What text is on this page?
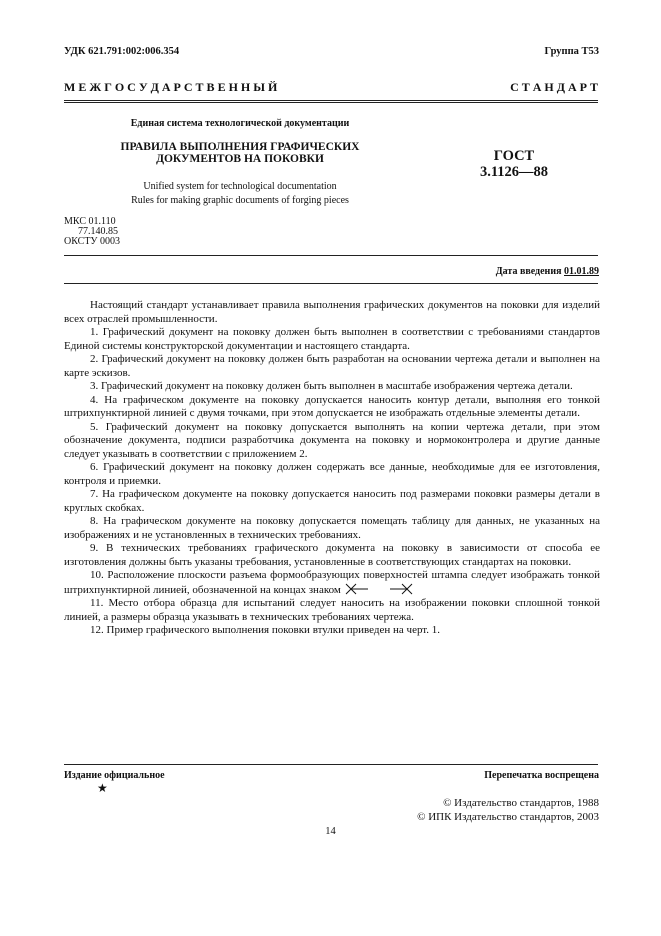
УДК 621.791:002:006.354	Группа Т53
М Е Ж Г О С У Д А Р С Т В Е Н Н Ы Й	С Т А Н Д А Р Т
Единая система технологической документации
ПРАВИЛА ВЫПОЛНЕНИЯ ГРАФИЧЕСКИХ
ДОКУМЕНТОВ НА ПОКОВКИ
Unified system for technological documentation
Rules for making graphic documents of forging pieces
ГОСТ
3.1126—88
МКС 01.110
77.140.85
ОКСТУ 0003
Дата введения 01.01.89

Настоящий стандарт устанавливает правила выполнения графических документов на поковки для изделий всех отраслей промышленности.

1. Графический документ на поковку должен быть выполнен в соответствии с требованиями стандартов Единой системы конструкторской документации и настоящего стандарта.

2. Графический документ на поковку должен быть разработан на основании чертежа детали и выполнен на карте эскизов.

3. Графический документ на поковку должен быть выполнен в масштабе изображения чертежа детали.

4. На графическом документе на поковку допускается наносить контур детали, выполняя его тонкой штрихпунктирной линией с двумя точками, при этом допускается не изображать отдельные элементы детали.

5. Графический документ на поковку допускается выполнять на копии чертежа детали, при этом обозначение документа, подписи разработчика документа на поковку и нормоконтролера и другие данные следует указывать в соответствии с приложением 2.

6. Графический документ на поковку должен содержать все данные, необходимые для ее изготовления, контроля и приемки.

7. На графическом документе на поковку допускается наносить под размерами поковки размеры детали в круглых скобках.

8. На графическом документе на поковку допускается помещать таблицу для данных, не указанных на изображениях и не установленных в технических требованиях.

9. В технических требованиях графического документа на поковку в зависимости от способа ее изготовления должны быть указаны требования, установленные в соответствующих стандартах на поковки.

10. Расположение плоскости разъема формообразующих поверхностей штампа следует изображать тонкой штрихпунктирной линией, обозначенной на концах знаком

11. Место отбора образца для испытаний следует наносить на изображении поковки сплошной тонкой линией, а размеры образца указывать в технических требованиях чертежа.

12. Пример графического выполнения поковки втулки приведен на черт. 1.

Издание официальное
★
Перепечатка воспрещена
© Издательство стандартов, 1988
© ИПК Издательство стандартов, 2003
14
